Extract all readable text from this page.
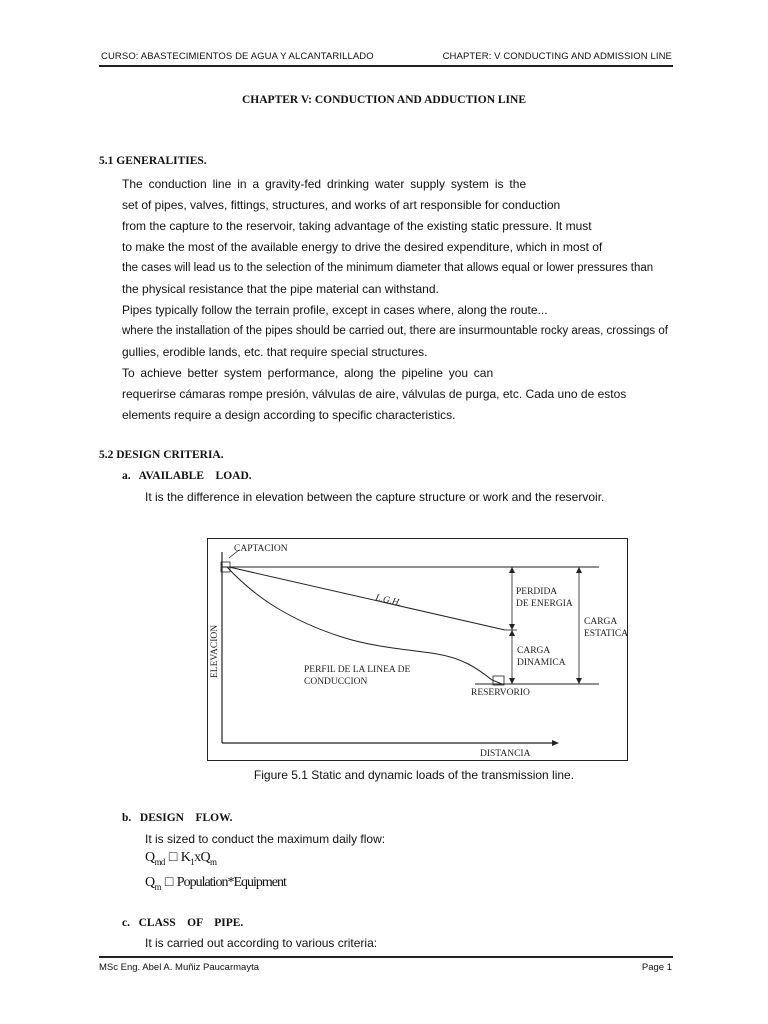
CURSO: ABASTECIMIENTOS DE AGUA Y ALCANTARILLADO	CHAPTER: V CONDUCTING AND ADMISSION LINE
CHAPTER V: CONDUCTION AND ADDUCTION LINE
5.1 GENERALITIES.
The conduction line in a gravity-fed drinking water supply system is the
set of pipes, valves, fittings, structures, and works of art responsible for conduction
from the capture to the reservoir, taking advantage of the existing static pressure. It must
to make the most of the available energy to drive the desired expenditure, which in most of
the cases will lead us to the selection of the minimum diameter that allows equal or lower pressures than
the physical resistance that the pipe material can withstand.
Pipes typically follow the terrain profile, except in cases where, along the route...
where the installation of the pipes should be carried out, there are insurmountable rocky areas, crossings of
gullies, erodible lands, etc. that require special structures.
To achieve better system performance, along the pipeline you can
requerirse cámaras rompe presión, válvulas de aire, válvulas de purga, etc. Cada uno de estos
elements require a design according to specific characteristics.
5.2 DESIGN CRITERIA.
a.   AVAILABLE    LOAD.
It is the difference in elevation between the capture structure or work and the reservoir.
CAPTACION
L.G.H.
PERDIDA
DE ENERGIA
CARGA
ESTATICA
CARGA
DINAMICA
PERFIL DE LA LINEA DE
CONDUCCION
RESERVORIO
ELEVACION
DISTANCIA
Figure 5.1 Static and dynamic loads of the transmission line.
b.   DESIGN    FLOW.
It is sized to conduct the maximum daily flow:
$Q_{md}$ □ $K_1xQ_m$
$Q_m$ □ Population*Equipment
c.   CLASS    OF    PIPE.
It is carried out according to various criteria:
MSc Eng. Abel A. Muñiz Paucarmayta	Page 1
